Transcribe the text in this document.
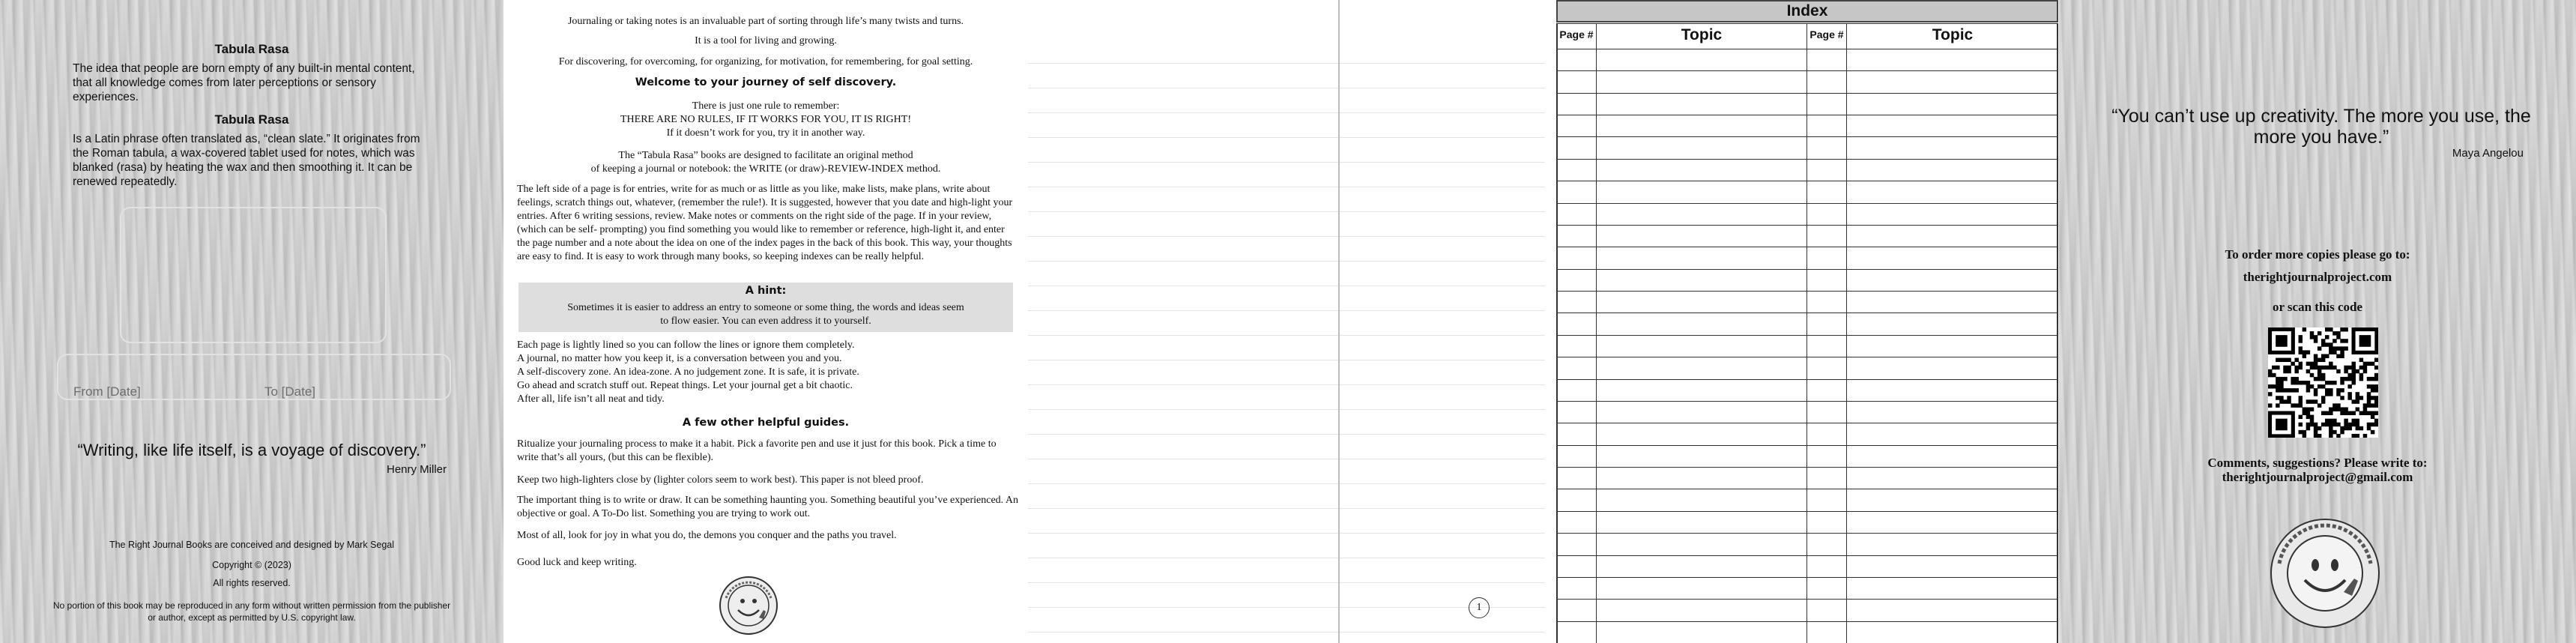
Tabula Rasa
The idea that people are born empty of any built-in mental content, that all knowledge comes from later perceptions or sensory experiences.
Tabula Rasa
Is a Latin phrase often translated as, “clean slate.” It originates from the Roman tabula, a wax-covered tablet used for notes, which was blanked (rasa) by heating the wax and then smoothing it. It can be renewed repeatedly.
From [Date]	To [Date]
“Writing, like life itself, is a voyage of discovery.”
Henry Miller
The Right Journal Books are conceived and designed by Mark Segal
Copyright © (2023)
All rights reserved.
No portion of this book may be reproduced in any form without written permission from the publisher
or author, except as permitted by U.S. copyright law.
Journaling or taking notes is an invaluable part of sorting through life’s many twists and turns.
It is a tool for living and growing.
For discovering, for overcoming, for organizing, for motivation, for remembering, for goal setting.
Welcome to your journey of self discovery.
There is just one rule to remember:
THERE ARE NO RULES, IF IT WORKS FOR YOU, IT IS RIGHT!
If it doesn’t work for you, try it in another way.
The “Tabula Rasa” books are designed to facilitate an original method
of keeping a journal or notebook: the WRITE (or draw)-REVIEW-INDEX method.
The left side of a page is for entries, write for as much or as little as you like, make lists, make plans, write about feelings, scratch things out, whatever, (remember the rule!). It is suggested, however that you date and high-light your entries. After 6 writing sessions, review. Make notes or comments on the right side of the page. If in your review, (which can be self- prompting) you find something you would like to remember or reference, high-light it, and enter the page number and a note about the idea on one of the index pages in the back of this book. This way, your thoughts are easy to find. It is easy to work through many books, so keeping indexes can be really helpful.
A hint:
Sometimes it is easier to address an entry to someone or some thing, the words and ideas seem
to flow easier. You can even address it to yourself.
Each page is lightly lined so you can follow the lines or ignore them completely.
A journal, no matter how you keep it, is a conversation between you and you.
A self-discovery zone. An idea-zone. A no judgement zone. It is safe, it is private.
Go ahead and scratch stuff out. Repeat things. Let your journal get a bit chaotic.
After all, life isn’t all neat and tidy.
A few other helpful guides.
Ritualize your journaling process to make it a habit. Pick a favorite pen and use it just for this book. Pick a time to write that’s all yours, (but this can be flexible).
Keep two high-lighters close by (lighter colors seem to work best). This paper is not bleed proof.
The important thing is to write or draw. It can be something haunting you. Something beautiful you’ve experienced. An objective or goal. A To-Do list. Something you are trying to work out.
Most of all, look for joy in what you do, the demons you conquer and the paths you travel.
Good luck and keep writing.
1
Index
Page #	Topic	Page #	Topic
“You can’t use up creativity. The more you use, the more you have.”
Maya Angelou
To order more copies please go to:
therightjournalproject.com
or scan this code
Comments, suggestions? Please write to:
therightjournalproject@gmail.com
